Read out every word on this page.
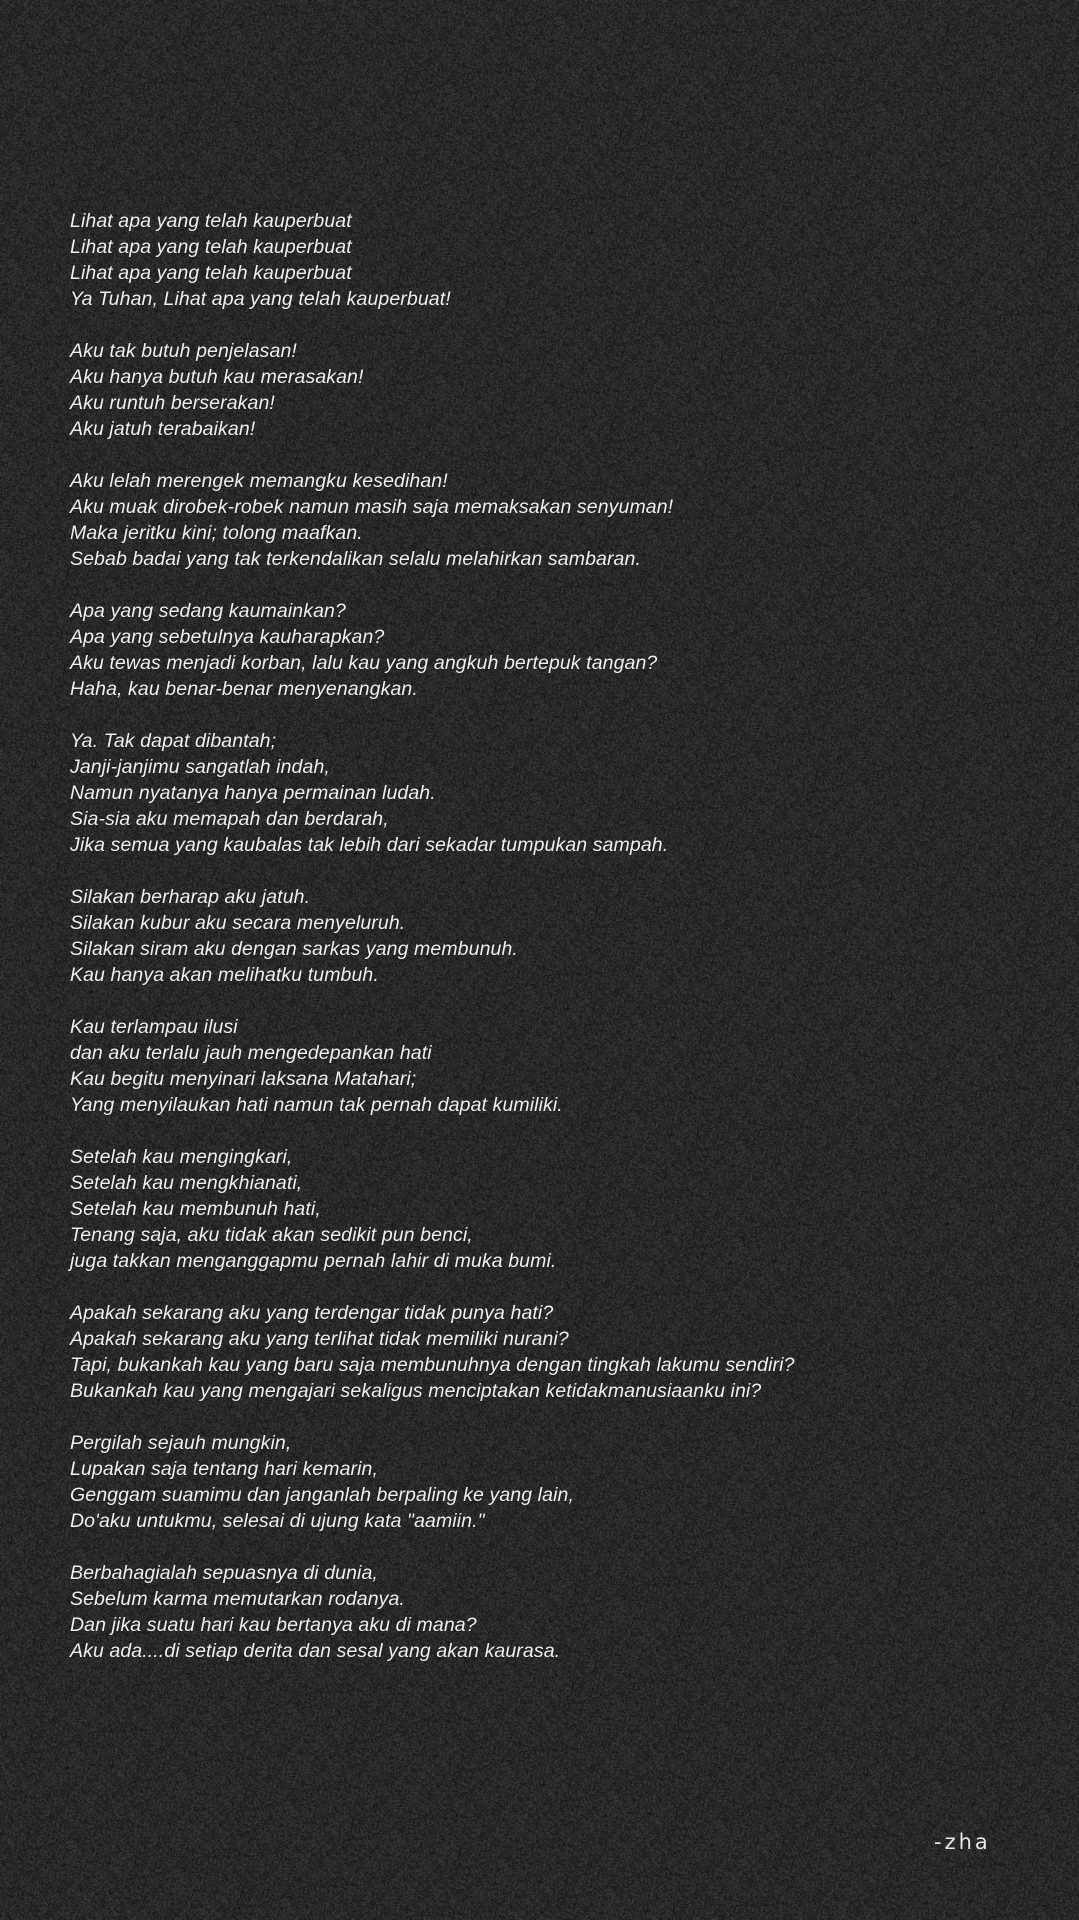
Lihat apa yang telah kauperbuat
Lihat apa yang telah kauperbuat
Lihat apa yang telah kauperbuat
Ya Tuhan, Lihat apa yang telah kauperbuat!
Aku tak butuh penjelasan!
Aku hanya butuh kau merasakan!
Aku runtuh berserakan!
Aku jatuh terabaikan!
Aku lelah merengek memangku kesedihan!
Aku muak dirobek-robek namun masih saja memaksakan senyuman!
Maka jeritku kini; tolong maafkan.
Sebab badai yang tak terkendalikan selalu melahirkan sambaran.
Apa yang sedang kaumainkan?
Apa yang sebetulnya kauharapkan?
Aku tewas menjadi korban, lalu kau yang angkuh bertepuk tangan?
Haha, kau benar-benar menyenangkan.
Ya. Tak dapat dibantah;
Janji-janjimu sangatlah indah,
Namun nyatanya hanya permainan ludah.
Sia-sia aku memapah dan berdarah,
Jika semua yang kaubalas tak lebih dari sekadar tumpukan sampah.
Silakan berharap aku jatuh.
Silakan kubur aku secara menyeluruh.
Silakan siram aku dengan sarkas yang membunuh.
Kau hanya akan melihatku tumbuh.
Kau terlampau ilusi
dan aku terlalu jauh mengedepankan hati
Kau begitu menyinari laksana Matahari;
Yang menyilaukan hati namun tak pernah dapat kumiliki.
Setelah kau mengingkari,
Setelah kau mengkhianati,
Setelah kau membunuh hati,
Tenang saja, aku tidak akan sedikit pun benci,
juga takkan menganggapmu pernah lahir di muka bumi.
Apakah sekarang aku yang terdengar tidak punya hati?
Apakah sekarang aku yang terlihat tidak memiliki nurani?
Tapi, bukankah kau yang baru saja membunuhnya dengan tingkah lakumu sendiri?
Bukankah kau yang mengajari sekaligus menciptakan ketidakmanusiaanku ini?
Pergilah sejauh mungkin,
Lupakan saja tentang hari kemarin,
Genggam suamimu dan janganlah berpaling ke yang lain,
Do'aku untukmu, selesai di ujung kata "aamiin."
Berbahagialah sepuasnya di dunia,
Sebelum karma memutarkan rodanya.
Dan jika suatu hari kau bertanya aku di mana?
Aku ada....di setiap derita dan sesal yang akan kaurasa.
-zha
